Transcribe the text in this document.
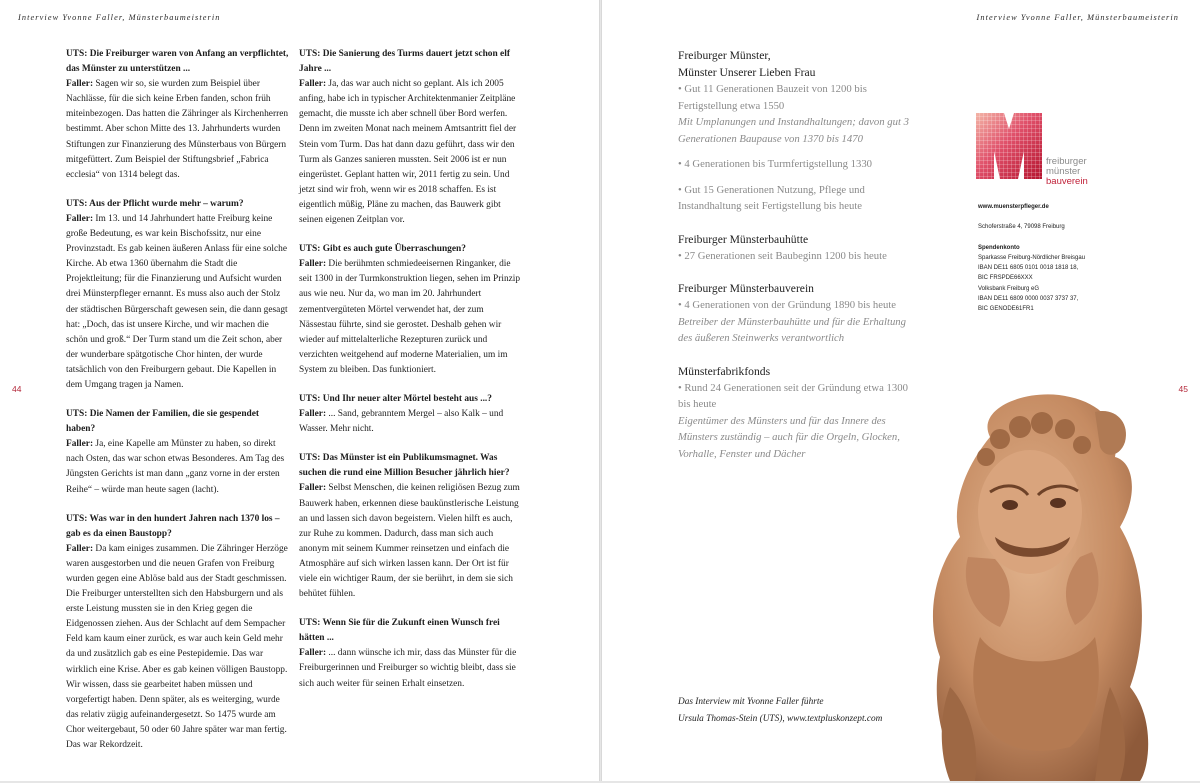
Interview Yvonne Faller, Münsterbaumeisterin
44
UTS: Die Freiburger waren von Anfang an verpflichtet, das Münster zu unterstützen ...
Faller: Sagen wir so, sie wurden zum Beispiel über Nachlässe, für die sich keine Erben fanden, schon früh miteinbezogen. Das hatten die Zähringer als Kirchenherren bestimmt. Aber schon Mitte des 13. Jahrhunderts wurden Stiftungen zur Finanzierung des Münsterbaus von Bürgern mitgefüttert. Zum Beispiel der Stiftungsbrief „Fabrica ecclesia“ von 1314 belegt das.
UTS: Aus der Pflicht wurde mehr – warum?
Faller: Im 13. und 14 Jahrhundert hatte Freiburg keine große Bedeutung, es war kein Bischofssitz, nur eine Provinzstadt. Es gab keinen äußeren Anlass für eine solche Kirche. Ab etwa 1360 übernahm die Stadt die Projektleitung; für die Finanzierung und Aufsicht wurden drei Münsterpfleger ernannt. Es muss also auch der Stolz der städtischen Bürgerschaft gewesen sein, die dann gesagt hat: „Doch, das ist unsere Kirche, und wir machen die schön und groß.“ Der Turm stand um die Zeit schon, aber der wunderbare spätgotische Chor hinten, der wurde tatsächlich von den Freiburgern gebaut. Die Kapellen in dem Umgang tragen ja Namen.
UTS: Die Namen der Familien, die sie gespendet haben?
Faller: Ja, eine Kapelle am Münster zu haben, so direkt nach Osten, das war schon etwas Besonderes. Am Tag des Jüngsten Gerichts ist man dann „ganz vorne in der ersten Reihe“ – würde man heute sagen (lacht).
UTS: Was war in den hundert Jahren nach 1370 los – gab es da einen Baustopp?
Faller: Da kam einiges zusammen. Die Zähringer Herzöge waren ausgestorben und die neuen Grafen von Freiburg wurden gegen eine Ablöse bald aus der Stadt geschmissen. Die Freiburger unterstellten sich den Habsburgern und als erste Leistung mussten sie in den Krieg gegen die Eidgenossen ziehen. Aus der Schlacht auf dem Sempacher Feld kam kaum einer zurück, es war auch kein Geld mehr da und zusätzlich gab es eine Pestepidemie. Das war wirklich eine Krise. Aber es gab keinen völligen Baustopp. Wir wissen, dass sie gearbeitet haben müssen und vorgefertigt haben. Denn später, als es weiterging, wurde das relativ zügig aufeinandergesetzt. So 1475 wurde am Chor weitergebaut, 50 oder 60 Jahre später war man fertig. Das war Rekordzeit.
UTS: Die Sanierung des Turms dauert jetzt schon elf Jahre ...
Faller: Ja, das war auch nicht so geplant. Als ich 2005 anfing, habe ich in typischer Architektenmanier Zeitpläne gemacht, die musste ich aber schnell über Bord werfen. Denn im zweiten Monat nach meinem Amtsantritt fiel der Stein vom Turm. Das hat dann dazu geführt, dass wir den Turm als Ganzes sanieren mussten. Seit 2006 ist er nun eingerüstet. Geplant hatten wir, 2011 fertig zu sein. Und jetzt sind wir froh, wenn wir es 2018 schaffen. Es ist eigentlich müßig, Pläne zu machen, das Bauwerk gibt seinen eigenen Zeitplan vor.
UTS: Gibt es auch gute Überraschungen?
Faller: Die berühmten schmiedeeisernen Ringanker, die seit 1300 in der Turmkonstruktion liegen, sehen im Prinzip aus wie neu. Nur da, wo man im 20. Jahrhundert zementvergüteten Mörtel verwendet hat, der zum Nässestau führte, sind sie gerostet. Deshalb gehen wir wieder auf mittelalterliche Rezepturen zurück und verzichten weitgehend auf moderne Materialien, um im System zu bleiben. Das funktioniert.
UTS: Und Ihr neuer alter Mörtel besteht aus ...?
Faller: ... Sand, gebranntem Mergel – also Kalk – und Wasser. Mehr nicht.
UTS: Das Münster ist ein Publikumsmagnet. Was suchen die rund eine Million Besucher jährlich hier?
Faller: Selbst Menschen, die keinen religiösen Bezug zum Bauwerk haben, erkennen diese baukünstlerische Leistung an und lassen sich davon begeistern. Vielen hilft es auch, zur Ruhe zu kommen. Dadurch, dass man sich auch anonym mit seinem Kummer reinsetzen und einfach die Atmosphäre auf sich wirken lassen kann. Der Ort ist für viele ein wichtiger Raum, der sie berührt, in dem sie sich behütet fühlen.
UTS: Wenn Sie für die Zukunft einen Wunsch frei hätten ...
Faller: ... dann wünsche ich mir, dass das Münster für die Freiburgerinnen und Freiburger so wichtig bleibt, dass sie sich auch weiter für seinen Erhalt einsetzen.
Interview Yvonne Faller, Münsterbaumeisterin
45
Freiburger Münster,
Münster Unserer Lieben Frau
• Gut 11 Generationen Bauzeit von 1200 bis Fertigstellung etwa 1550
Mit Umplanungen und Instandhaltungen; davon gut 3 Generationen Baupause von 1370 bis 1470
• 4 Generationen bis Turmfertigstellung 1330
• Gut 15 Generationen Nutzung, Pflege und Instandhaltung seit Fertigstellung bis heute
Freiburger Münsterbauhütte
• 27 Generationen seit Baubeginn 1200 bis heute
Freiburger Münsterbauverein
• 4 Generationen von der Gründung 1890 bis heute
Betreiber der Münsterbauhütte und für die Erhaltung des äußeren Steinwerks verantwortlich
Münsterfabrikfonds
• Rund 24 Generationen seit der Gründung etwa 1300 bis heute
Eigentümer des Münsters und für das Innere des Münsters zuständig – auch für die Orgeln, Glocken, Vorhalle, Fenster und Dächer
freiburger
münster
bauverein
www.muensterpfleger.de
Schoferstraße 4, 79098 Freiburg
Spendenkonto
Sparkasse Freiburg-Nördlicher Breisgau
IBAN DE11 6805 0101 0018 1818 18,
BIC FRSPDE66XXX
Volksbank Freiburg eG
IBAN DE11 6809 0000 0037 3737 37,
BIC GENODE61FR1
Das Interview mit Yvonne Faller führte
Ursula Thomas-Stein (UTS), www.textpluskonzept.com
